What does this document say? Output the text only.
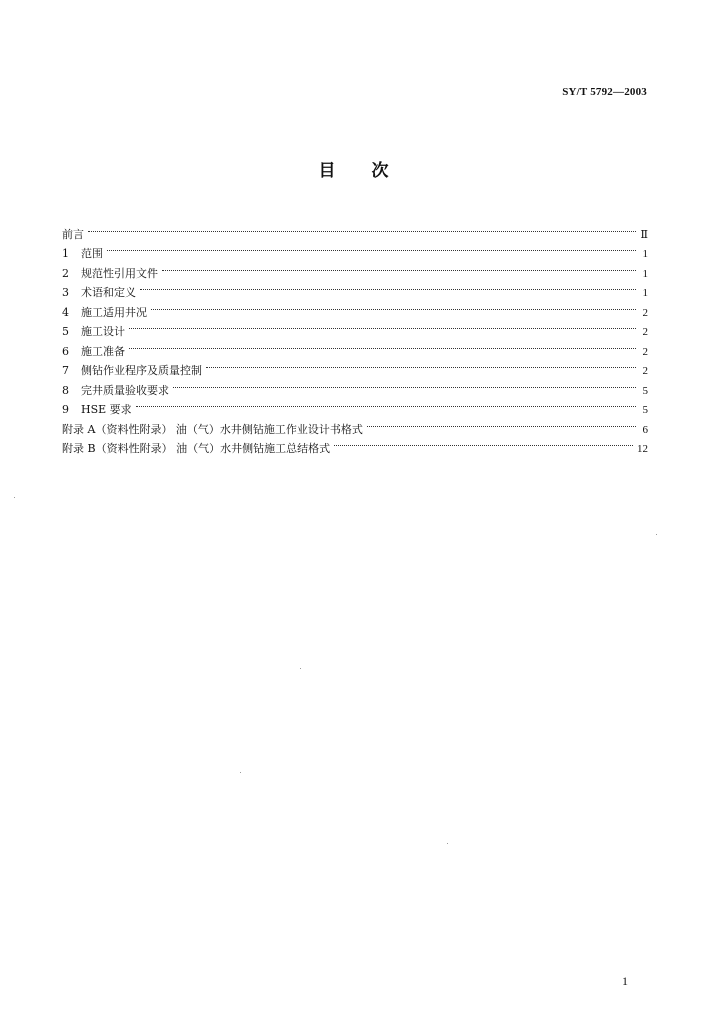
SY/T 5792—2003
目 次
前言	Ⅱ
1	范围	1
2	规范性引用文件	1
3	术语和定义	1
4	施工适用井况	2
5	施工设计	2
6	施工准备	2
7	侧钻作业程序及质量控制	2
8	完井质量验收要求	5
9	HSE 要求	5
附录 A（资料性附录） 油（气）水井侧钻施工作业设计书格式	6
附录 B（资料性附录） 油（气）水井侧钻施工总结格式	12
1
